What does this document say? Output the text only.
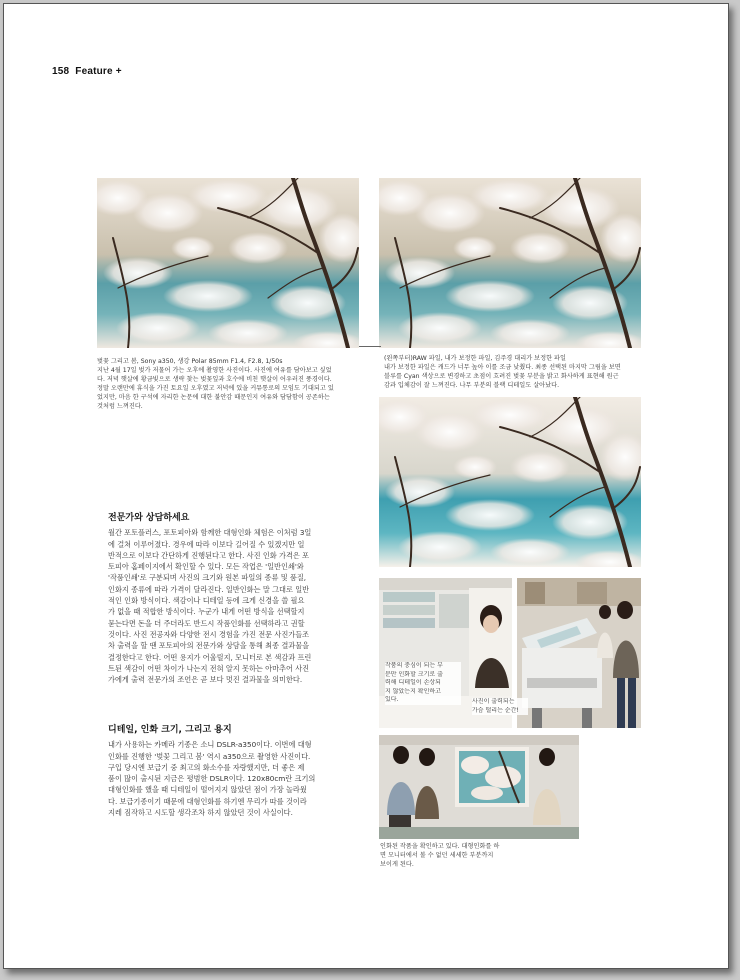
158 Feature +
벚꽃 그리고 봄, Sony a350, 생강 Polar 85mm F1.4, F2.8, 1/50s
지난 4월 17일 벚가 저물어 가는 오후에 촬영한 사진이다. 사진에 여유를 담아보고 싶었
다. 저녁 햇살에 황금빛으로 생략 찾는 벚꽃잎과 호수에 비친 햇살이 어우러진 풍경이다.
정말 오랜만에 휴식을 가진 토요일 오후였고 저녁에 있을 커뮤통로의 모임도 기대되고 있
었지만, 마음 한 구석에 자리한 논문에 대한 불안감 때문인지 여유와 담담함이 공존하는
것처럼 느껴진다.
(왼쪽부터)RAW 파일, 내가 보정한 파일, 김주경 대리가 보정한 파일
내가 보정한 파일은 캐드가 너무 높아 이를 조금 낮췄다. 최종 선택된 마지막 그림을 보면
블루를 Cyan 색상으로 변경하고 초점이 흐려진 벚꽃 부분을 밝고 화사하게 표현해 원근
감과 입체감이 잘 느껴진다. 나무 부분의 블랙 디테일도 살아났다.
전문가와 상담하세요
월간 포토플러스, 포토피아와 함께한 대형인화 체험은 이처럼 3일
에 걸쳐 이루어졌다. 경우에 따라 이보다 길어질 수 있겠지만 일
반적으로 이보다 간단하게 진행된다고 한다. 사진 인화 가격은 포
토피아 홈페이지에서 확인할 수 있다. 모든 작업은 '일반인쇄'와
'작품인쇄'로 구분되며 사진의 크기와 원본 파일의 종류 및 품질,
인화지 종류에 따라 가격이 달라진다. 일반인화는 말 그대로 일반
적인 인화 방식이다. 색감이나 디테일 등에 크게 신경을 쓸 필요
가 없을 때 적합한 방식이다. 누군가 내게 어떤 방식을 선택할지
묻는다면 돈을 더 주더라도 반드시 작품인화를 선택하라고 권할
것이다. 사진 전공자와 다양한 전시 경험을 가진 전문 사진가들조
차 출력을 할 땐 포토피아의 전문가와 상담을 통해 최종 결과물을
결정한다고 한다. 어떤 용지가 어울릴지, 모니터로 본 색감과 프린
트된 색감이 어떤 차이가 나는지 전혀 알지 못하는 아마추어 사진
가에게 출력 전문가의 조언은 곧 보다 멋진 결과물을 의미한다.
디테일, 인화 크기, 그리고 용지
내가 사용하는 카메라 기종은 소니 DSLR-a350이다. 이번에 대형
인화를 진행한 '벚꽃 그리고 봄' 역시 a350으로 촬영한 사진이다.
구입 당시엔 보급기 중 최고의 화소수를 자랑했지만, 더 좋은 제
품이 많이 출시된 지금은 평범한 DSLR이다. 120x80cm란 크기의
대형인화를 했을 때 디테일이 떨어지지 않았던 점이 가장 놀라웠
다. 보급기종이기 때문에 대형인화를 하기엔 무리가 따를 것이라
지레 짐작하고 시도할 생각조차 하지 않았던 것이 사실이다.
작품의 중심이 되는 부
분만 인화할 크기로 출
력해 디테일이 손상되
지 않았는지 확인하고
있다.	사진이 출력되는
가슴 떨리는 순간!
인화된 작품을 확인하고 있다. 대형인화를 하
면 모니터에서 볼 수 없던 세세한 부분까지
보이게 된다.
